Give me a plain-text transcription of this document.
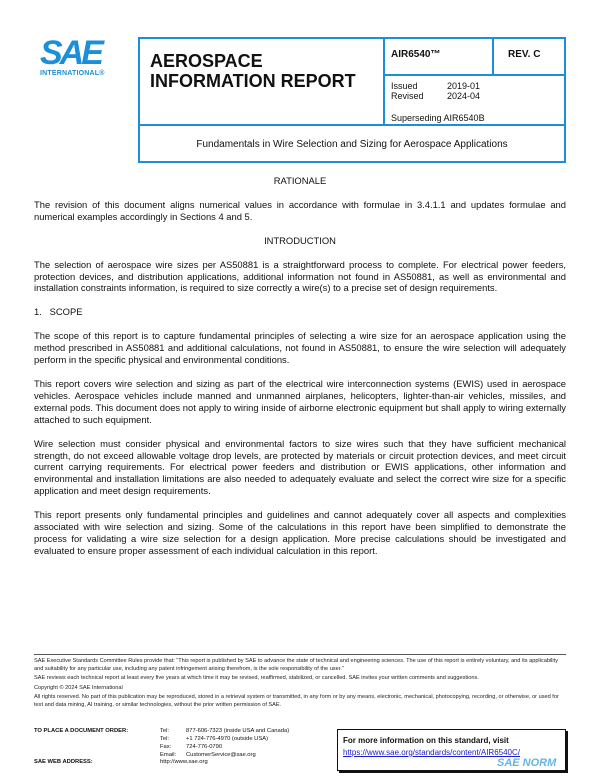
SAE
INTERNATIONAL®
AEROSPACE
INFORMATION REPORT
AIR6540™	REV. C
Issued	2019-01
Revised	2024-04
Superseding AIR6540B
Fundamentals in Wire Selection and Sizing for Aerospace Applications
RATIONALE

The revision of this document aligns numerical values in accordance with formulae in 3.4.1.1 and updates formulae and numerical examples accordingly in Sections 4 and 5.

INTRODUCTION

The selection of aerospace wire sizes per AS50881 is a straightforward process to complete. For electrical power feeders, protection devices, and distribution applications, additional information not found in AS50881, as well as environmental and installation constraints information, is required to size correctly a wire(s) to a precise set of design requirements.

1.   SCOPE

The scope of this report is to capture fundamental principles of selecting a wire size for an aerospace application using the method prescribed in AS50881 and additional calculations, not found in AS50881, to ensure the wire selection will adequately perform in the specific physical and environmental conditions.

This report covers wire selection and sizing as part of the electrical wire interconnection systems (EWIS) used in aerospace vehicles. Aerospace vehicles include manned and unmanned airplanes, helicopters, lighter-than-air vehicles, missiles, and external pods. This document does not apply to wiring inside of airborne electronic equipment but shall apply to wiring externally attached to such equipment.

Wire selection must consider physical and environmental factors to size wires such that they have sufficient mechanical strength, do not exceed allowable voltage drop levels, are protected by materials or circuit protection devices, and meet circuit current carrying requirements. For electrical power feeders and distribution or EWIS applications, other information and environmental and installation limitations are also needed to adequately evaluate and select the correct wire size for a specific application and meet design requirements.

This report presents only fundamental principles and guidelines and cannot adequately cover all aspects and complexities associated with wire selection and sizing. Some of the calculations in this report have been simplified to demonstrate the process for validating a wire size selection for a design application. More precise calculations should be investigated and evaluated to ensure proper assessment of each individual calculation in this report.

SAE Executive Standards Committee Rules provide that: “This report is published by SAE to advance the state of technical and engineering sciences. The use of this report is entirely voluntary, and its applicability and suitability for any particular use, including any patent infringement arising therefrom, is the sole responsibility of the user.”

SAE reviews each technical report at least every five years at which time it may be revised, reaffirmed, stabilized, or cancelled. SAE invites your written comments and suggestions.

Copyright © 2024 SAE International

All rights reserved. No part of this publication may be reproduced, stored in a retrieval system or transmitted, in any form or by any means, electronic, mechanical, photocopying, recording, or otherwise, or used for text and data mining, AI training, or similar technologies, without the prior written permission of SAE.

TO PLACE A DOCUMENT ORDER:	Tel:	877-606-7323 (inside USA and Canada)
Tel:	+1 724-776-4970 (outside USA)
Fax:	724-776-0790
Email: CustomerService@sae.org
SAE WEB ADDRESS:	http://www.sae.org
For more information on this standard, visit
https://www.sae.org/standards/content/AIR6540C/
SAE NORM
